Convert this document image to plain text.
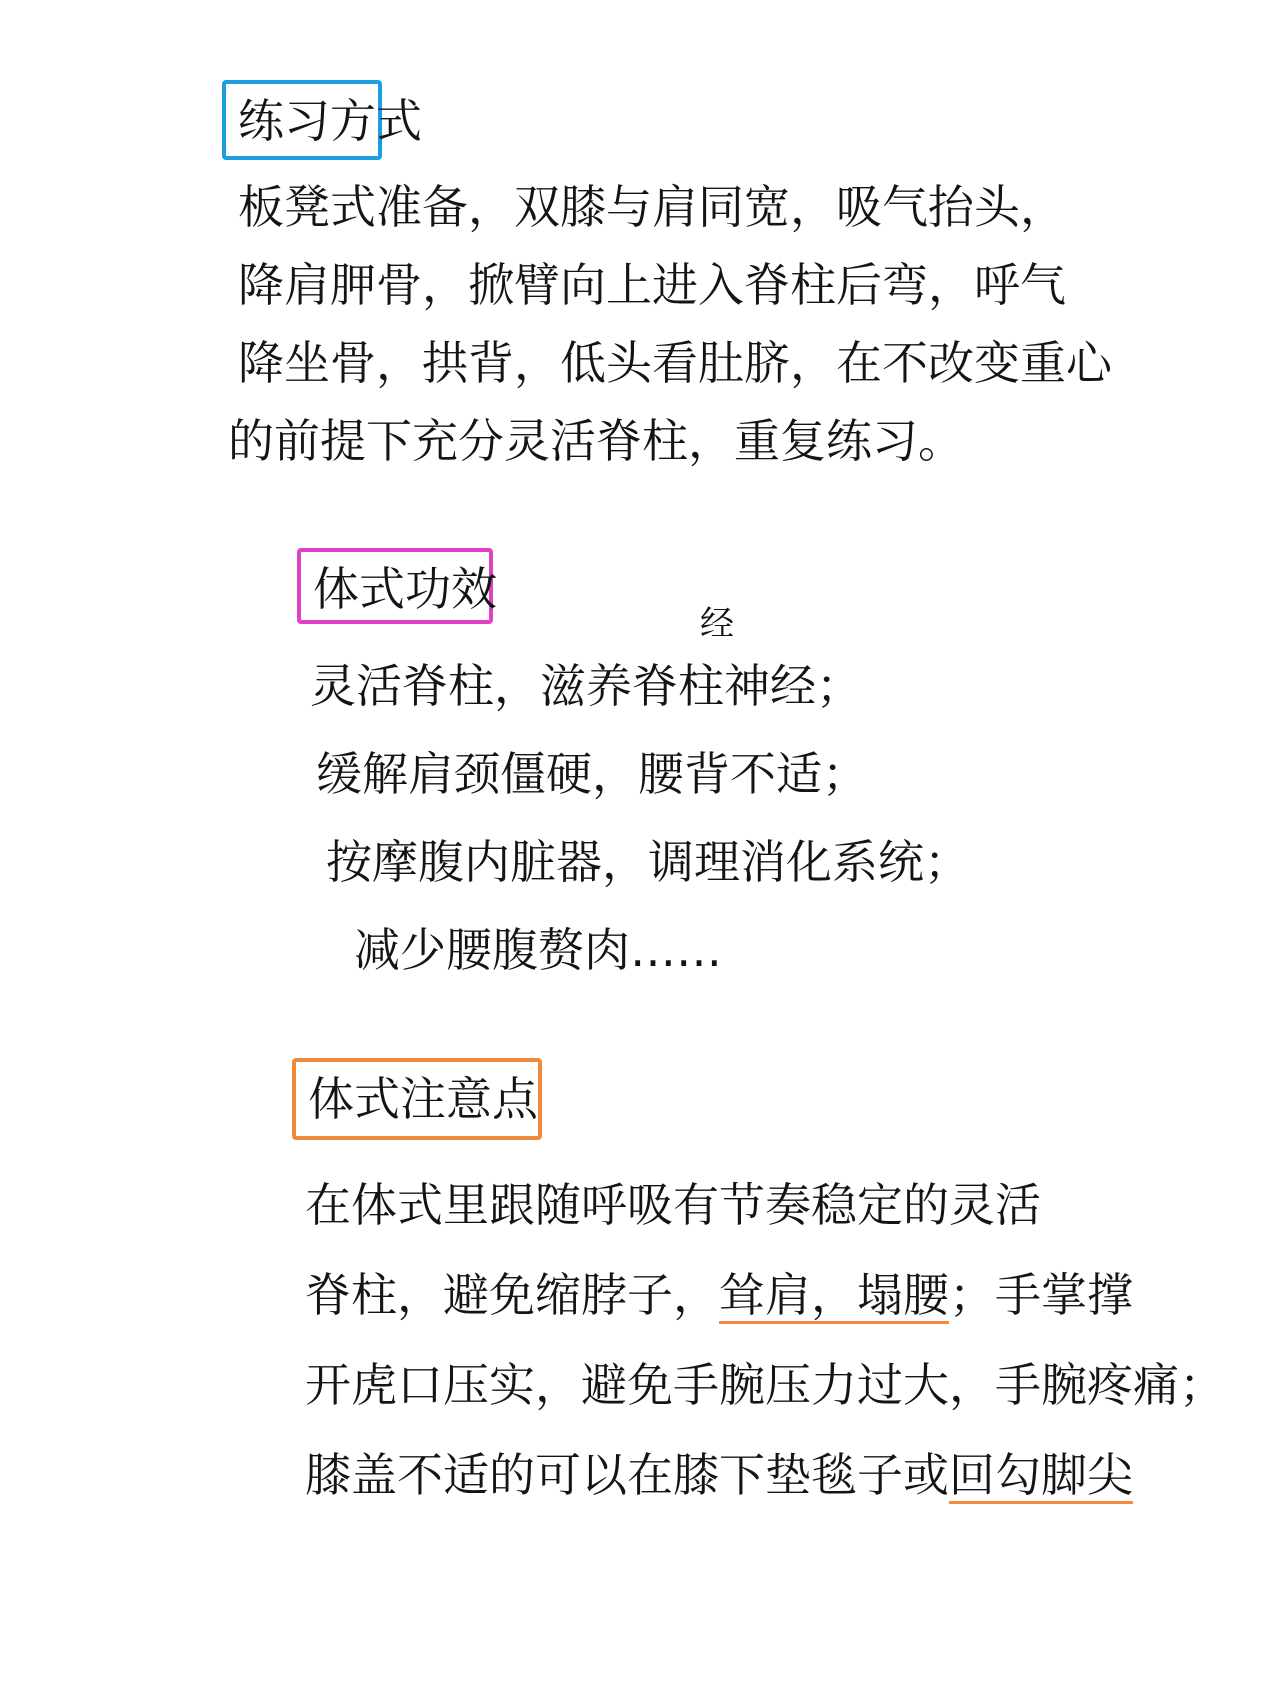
练习方式
板凳式准备，双膝与肩同宽，吸气抬头，
降肩胛骨，掀臂向上进入脊柱后弯，呼气
降坐骨，拱背，低头看肚脐，在不改变重心
的前提下充分灵活脊柱，重复练习。
体式功效
经
灵活脊柱，滋养脊柱神经；
缓解肩颈僵硬，腰背不适；
按摩腹内脏器，调理消化系统；
减少腰腹赘肉……
体式注意点
在体式里跟随呼吸有节奏稳定的灵活
脊柱，避免缩脖子，耸肩，塌腰；手掌撑
开虎口压实，避免手腕压力过大，手腕疼痛；
膝盖不适的可以在膝下垫毯子或回勾脚尖
